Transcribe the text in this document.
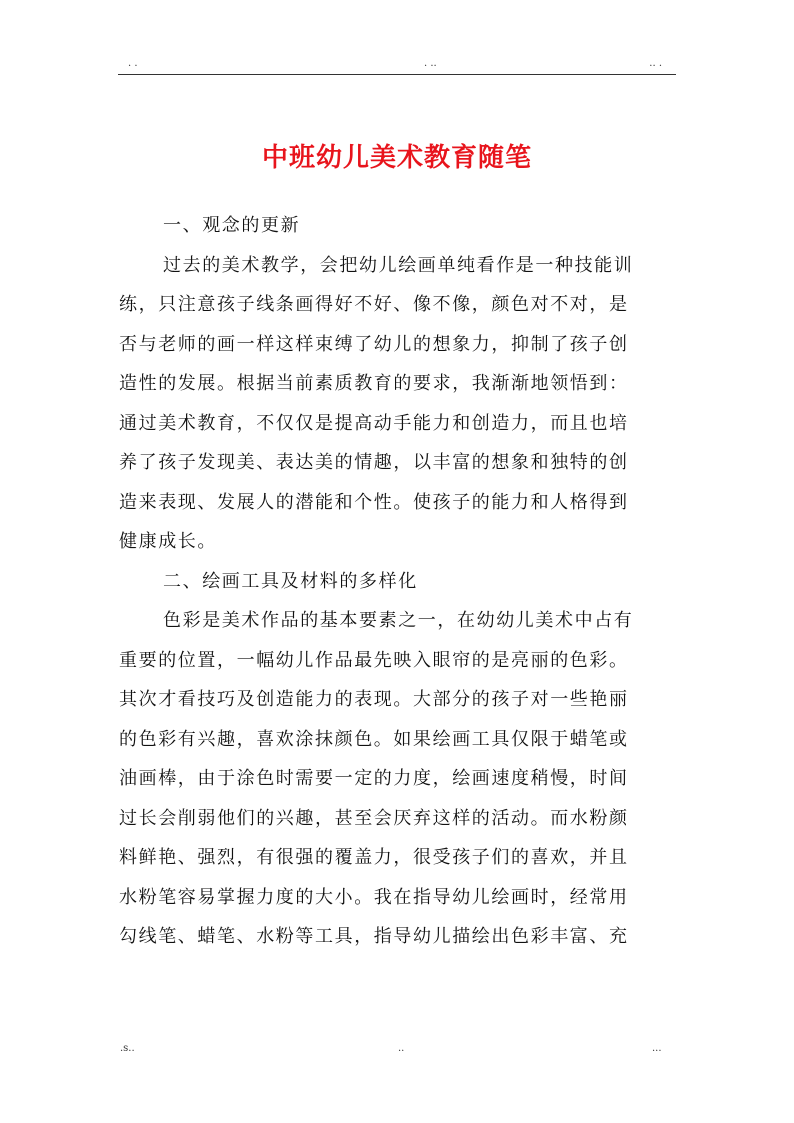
. .	. ..	.. .
中班幼儿美术教育随笔
一、观念的更新
过去的美术教学，会把幼儿绘画单纯看作是一种技能训
练，只注意孩子线条画得好不好、像不像，颜色对不对，是
否与老师的画一样这样束缚了幼儿的想象力，抑制了孩子创
造性的发展。根据当前素质教育的要求，我渐渐地领悟到：
通过美术教育，不仅仅是提高动手能力和创造力，而且也培
养了孩子发现美、表达美的情趣，以丰富的想象和独特的创
造来表现、发展人的潜能和个性。使孩子的能力和人格得到
健康成长。
二、绘画工具及材料的多样化
色彩是美术作品的基本要素之一，在幼幼儿美术中占有
重要的位置，一幅幼儿作品最先映入眼帘的是亮丽的色彩。
其次才看技巧及创造能力的表现。大部分的孩子对一些艳丽
的色彩有兴趣，喜欢涂抹颜色。如果绘画工具仅限于蜡笔或
油画棒，由于涂色时需要一定的力度，绘画速度稍慢，时间
过长会削弱他们的兴趣，甚至会厌弃这样的活动。而水粉颜
料鲜艳、强烈，有很强的覆盖力，很受孩子们的喜欢，并且
水粉笔容易掌握力度的大小。我在指导幼儿绘画时，经常用
勾线笔、蜡笔、水粉等工具，指导幼儿描绘出色彩丰富、充
.s..	..	...
